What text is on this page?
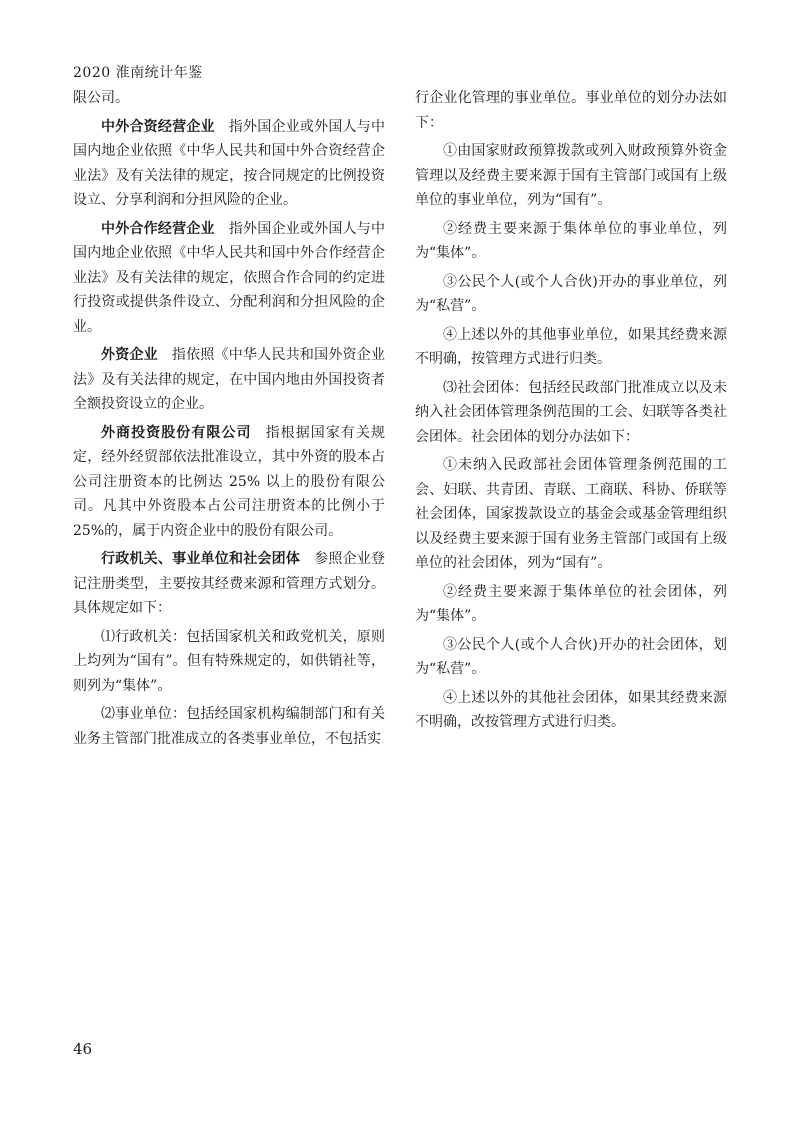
2020 淮南统计年鉴

限公司。

中外合资经营企业 指外国企业或外国人与中国内地企业依照《中华人民共和国中外合资经营企业法》及有关法律的规定，按合同规定的比例投资设立、分享利润和分担风险的企业。

中外合作经营企业 指外国企业或外国人与中国内地企业依照《中华人民共和国中外合作经营企业法》及有关法律的规定，依照合作合同的约定进行投资或提供条件设立、分配利润和分担风险的企业。

外资企业 指依照《中华人民共和国外资企业法》及有关法律的规定，在中国内地由外国投资者全额投资设立的企业。

外商投资股份有限公司 指根据国家有关规定，经外经贸部依法批准设立，其中外资的股本占公司注册资本的比例达 25% 以上的股份有限公司。凡其中外资股本占公司注册资本的比例小于25%的，属于内资企业中的股份有限公司。

行政机关、事业单位和社会团体 参照企业登记注册类型，主要按其经费来源和管理方式划分。具体规定如下：

⑴行政机关：包括国家机关和政党机关，原则上均列为“国有”。但有特殊规定的，如供销社等，则列为“集体”。

⑵事业单位：包括经国家机构编制部门和有关业务主管部门批准成立的各类事业单位，不包括实

行企业化管理的事业单位。事业单位的划分办法如下：

①由国家财政预算拨款或列入财政预算外资金管理以及经费主要来源于国有主管部门或国有上级单位的事业单位，列为“国有”。

②经费主要来源于集体单位的事业单位，列为“集体”。

③公民个人(或个人合伙)开办的事业单位，列为“私营”。

④上述以外的其他事业单位，如果其经费来源不明确，按管理方式进行归类。

⑶社会团体：包括经民政部门批准成立以及未纳入社会团体管理条例范围的工会、妇联等各类社会团体。社会团体的划分办法如下：

①未纳入民政部社会团体管理条例范围的工会、妇联、共青团、青联、工商联、科协、侨联等社会团体，国家拨款设立的基金会或基金管理组织以及经费主要来源于国有业务主管部门或国有上级单位的社会团体，列为“国有”。

②经费主要来源于集体单位的社会团体，列为“集体”。

③公民个人(或个人合伙)开办的社会团体，划为“私营”。

④上述以外的其他社会团体，如果其经费来源不明确，改按管理方式进行归类。

46
